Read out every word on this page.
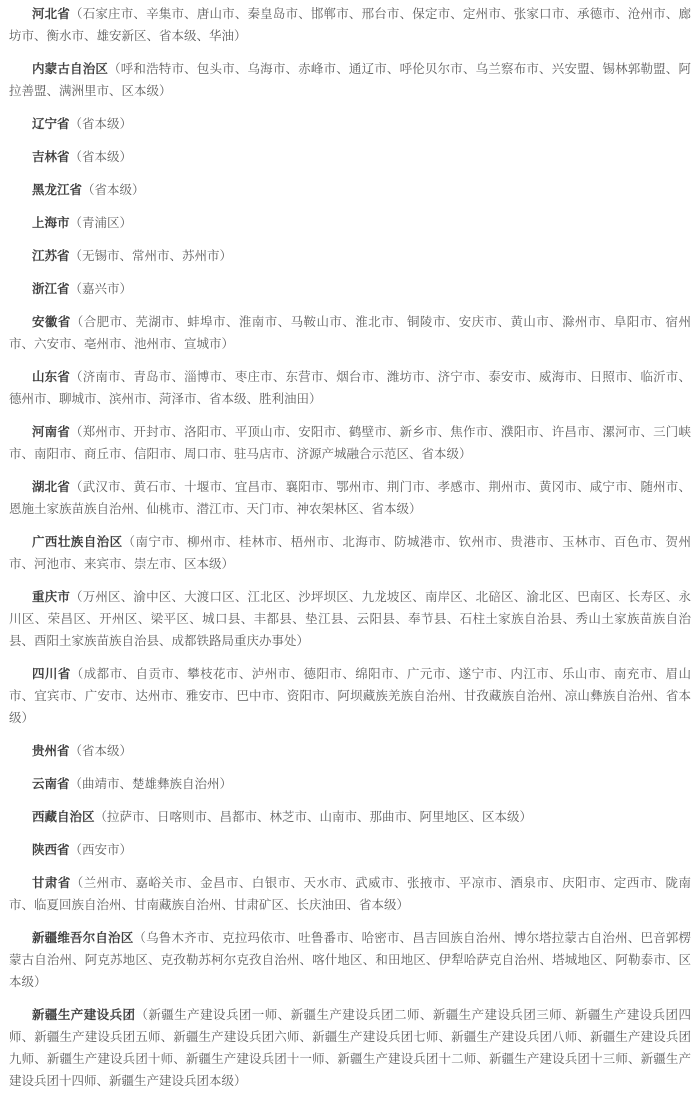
河北省（石家庄市、辛集市、唐山市、秦皇岛市、邯郸市、邢台市、保定市、定州市、张家口市、承德市、沧州市、廊坊市、衡水市、雄安新区、省本级、华油）

内蒙古自治区（呼和浩特市、包头市、乌海市、赤峰市、通辽市、呼伦贝尔市、乌兰察布市、兴安盟、锡林郭勒盟、阿拉善盟、满洲里市、区本级）

辽宁省（省本级）

吉林省（省本级）

黑龙江省（省本级）

上海市（青浦区）

江苏省（无锡市、常州市、苏州市）

浙江省（嘉兴市）

安徽省（合肥市、芜湖市、蚌埠市、淮南市、马鞍山市、淮北市、铜陵市、安庆市、黄山市、滁州市、阜阳市、宿州市、六安市、亳州市、池州市、宣城市）

山东省（济南市、青岛市、淄博市、枣庄市、东营市、烟台市、潍坊市、济宁市、泰安市、威海市、日照市、临沂市、德州市、聊城市、滨州市、菏泽市、省本级、胜利油田）

河南省（郑州市、开封市、洛阳市、平顶山市、安阳市、鹤壁市、新乡市、焦作市、濮阳市、许昌市、漯河市、三门峡市、南阳市、商丘市、信阳市、周口市、驻马店市、济源产城融合示范区、省本级）

湖北省（武汉市、黄石市、十堰市、宜昌市、襄阳市、鄂州市、荆门市、孝感市、荆州市、黄冈市、咸宁市、随州市、恩施土家族苗族自治州、仙桃市、潜江市、天门市、神农架林区、省本级）

广西壮族自治区（南宁市、柳州市、桂林市、梧州市、北海市、防城港市、钦州市、贵港市、玉林市、百色市、贺州市、河池市、来宾市、崇左市、区本级）

重庆市（万州区、渝中区、大渡口区、江北区、沙坪坝区、九龙坡区、南岸区、北碚区、渝北区、巴南区、长寿区、永川区、荣昌区、开州区、梁平区、城口县、丰都县、垫江县、云阳县、奉节县、石柱土家族自治县、秀山土家族苗族自治县、酉阳土家族苗族自治县、成都铁路局重庆办事处）

四川省（成都市、自贡市、攀枝花市、泸州市、德阳市、绵阳市、广元市、遂宁市、内江市、乐山市、南充市、眉山市、宜宾市、广安市、达州市、雅安市、巴中市、资阳市、阿坝藏族羌族自治州、甘孜藏族自治州、凉山彝族自治州、省本级）

贵州省（省本级）

云南省（曲靖市、楚雄彝族自治州）

西藏自治区（拉萨市、日喀则市、昌都市、林芝市、山南市、那曲市、阿里地区、区本级）

陕西省（西安市）

甘肃省（兰州市、嘉峪关市、金昌市、白银市、天水市、武威市、张掖市、平凉市、酒泉市、庆阳市、定西市、陇南市、临夏回族自治州、甘南藏族自治州、甘肃矿区、长庆油田、省本级）

新疆维吾尔自治区（乌鲁木齐市、克拉玛依市、吐鲁番市、哈密市、昌吉回族自治州、博尔塔拉蒙古自治州、巴音郭楞蒙古自治州、阿克苏地区、克孜勒苏柯尔克孜自治州、喀什地区、和田地区、伊犁哈萨克自治州、塔城地区、阿勒泰市、区本级）

新疆生产建设兵团（新疆生产建设兵团一师、新疆生产建设兵团二师、新疆生产建设兵团三师、新疆生产建设兵团四师、新疆生产建设兵团五师、新疆生产建设兵团六师、新疆生产建设兵团七师、新疆生产建设兵团八师、新疆生产建设兵团九师、新疆生产建设兵团十师、新疆生产建设兵团十一师、新疆生产建设兵团十二师、新疆生产建设兵团十三师、新疆生产建设兵团十四师、新疆生产建设兵团本级）
